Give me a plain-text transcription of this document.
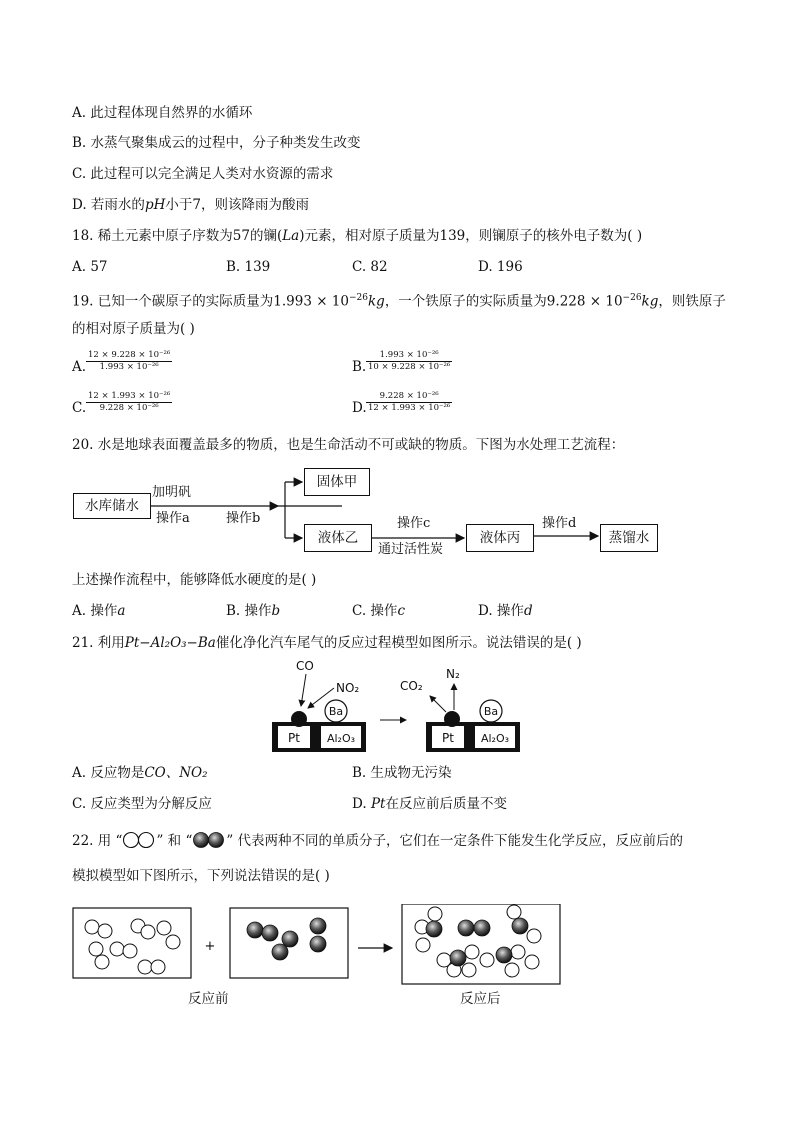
A. 此过程体现自然界的水循环
B. 水蒸气聚集成云的过程中，分子种类发生改变
C. 此过程可以完全满足人类对水资源的需求
D. 若雨水的pH小于7，则该降雨为酸雨
18. 稀土元素中原子序数为57的镧(La)元素，相对原子质量为139，则镧原子的核外电子数为( )
A. 57	B. 139	C. 82	D. 196
19. 已知一个碳原子的实际质量为$1.993 \times 10^{-26}kg$，一个铁原子的实际质量为$9.228 \times 10^{-26}kg$，则铁原子
的相对原子质量为( )
A. $\frac{\text{12 × 9.228 × 10⁻²⁶}}{\text{1.993 × 10⁻²⁶}}$	B. $\frac{\text{1.993 × 10⁻²⁶}}{\text{10 × 9.228 × 10⁻²⁶}}$
C. $\frac{\text{12 × 1.993 × 10⁻²⁶}}{\text{9.228 × 10⁻²⁶}}$	D. $\frac{\text{9.228 × 10⁻²⁶}}{\text{12 × 1.993 × 10⁻²⁶}}$
20. 水是地球表面覆盖最多的物质，也是生命活动不可或缺的物质。下图为水处理工艺流程：
水库储水
加明矾
操作a	操作b
固体甲
液体乙
操作c
通过活性炭
液体丙
操作d
蒸馏水
上述操作流程中，能够降低水硬度的是( )
A. 操作a	B. 操作b	C. 操作c	D. 操作d
21. 利用Pt−Al₂O₃−Ba催化净化汽车尾气的反应过程模型如图所示。说法错误的是( )
Pt Al₂O₃
Ba
CO
NO₂
Pt Al₂O₃
Ba
CO₂
N₂
A. 反应物是CO、NO₂	B. 生成物无污染
C. 反应类型为分解反应	D. Pt在反应前后质量不变
22. 用 “	” 和 “	” 代表两种不同的单质分子，它们在一定条件下能发生化学反应，反应前后的
模拟模型如下图所示，下列说法错误的是( )
+
反应前	反应后
